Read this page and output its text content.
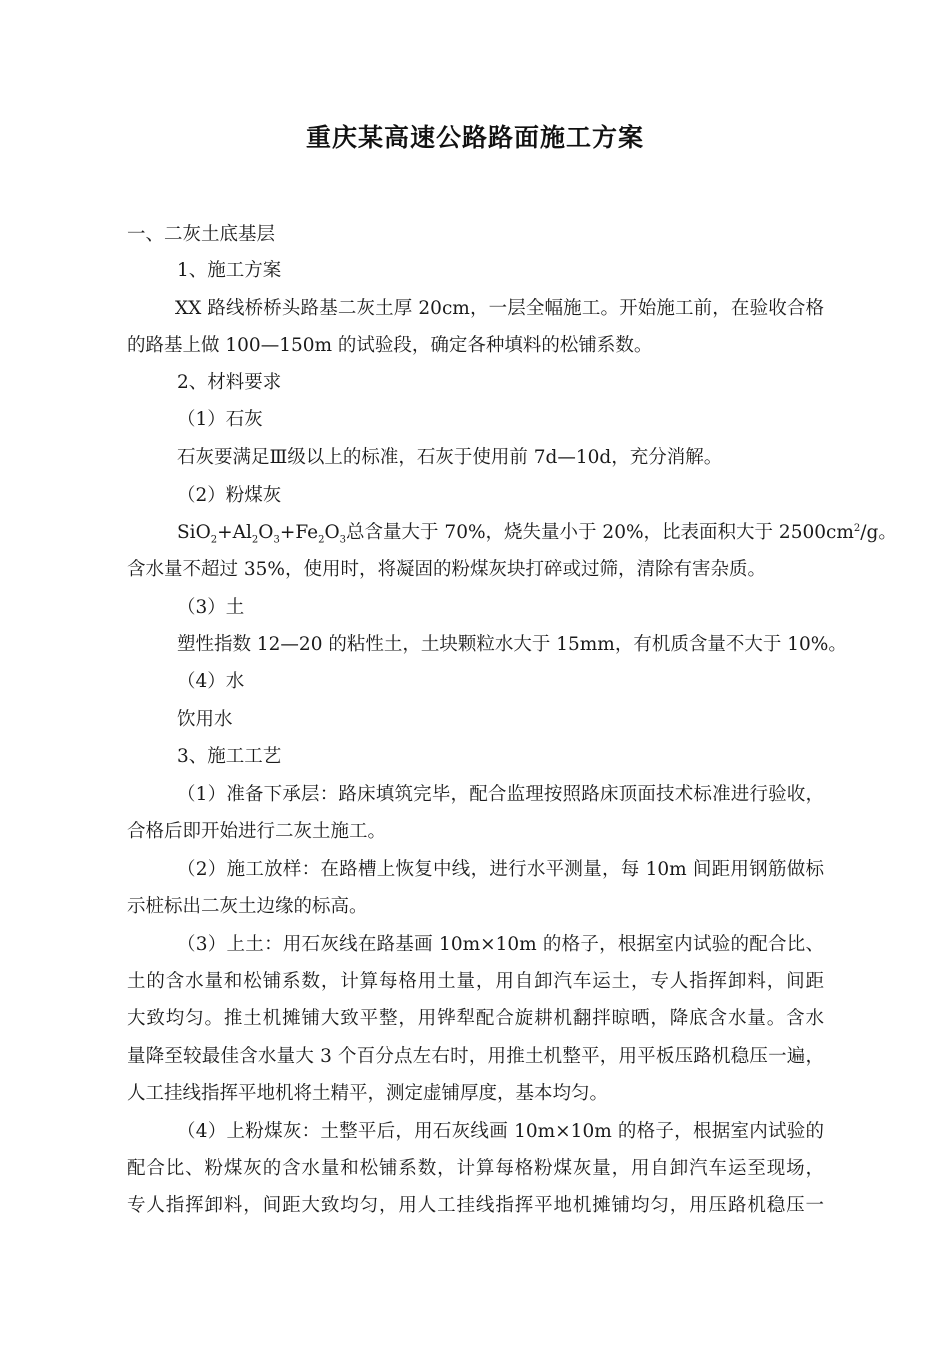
重庆某高速公路路面施工方案
一、二灰土底基层
1、施工方案
XX 路线桥桥头路基二灰土厚 20cm，一层全幅施工。开始施工前，在验收合格
的路基上做 100—150m 的试验段，确定各种填料的松铺系数。
2、材料要求
（1）石灰
石灰要满足Ⅲ级以上的标准，石灰于使用前 7d—10d，充分消解。
（2）粉煤灰
$SiO_2+Al_2O_3+Fe_2O_3$总含量大于 70%，烧失量小于 20%，比表面积大于 $2500cm^2/g$。
含水量不超过 35%，使用时，将凝固的粉煤灰块打碎或过筛，清除有害杂质。
（3）土
塑性指数 12—20 的粘性土，土块颗粒水大于 15mm，有机质含量不大于 10%。
（4）水
饮用水
3、施工工艺
（1）准备下承层：路床填筑完毕，配合监理按照路床顶面技术标准进行验收，
合格后即开始进行二灰土施工。
（2）施工放样：在路槽上恢复中线，进行水平测量，每 10m 间距用钢筋做标
示桩标出二灰土边缘的标高。
（3）上土：用石灰线在路基画 10m×10m 的格子，根据室内试验的配合比、
土的含水量和松铺系数，计算每格用土量，用自卸汽车运土，专人指挥卸料，间距
大致均匀。推土机摊铺大致平整，用铧犁配合旋耕机翻拌晾晒，降底含水量。含水
量降至较最佳含水量大 3 个百分点左右时，用推土机整平，用平板压路机稳压一遍，
人工挂线指挥平地机将土精平，测定虚铺厚度，基本均匀。
（4）上粉煤灰：土整平后，用石灰线画 10m×10m 的格子，根据室内试验的
配合比、粉煤灰的含水量和松铺系数，计算每格粉煤灰量，用自卸汽车运至现场，
专人指挥卸料，间距大致均匀，用人工挂线指挥平地机摊铺均匀，用压路机稳压一
